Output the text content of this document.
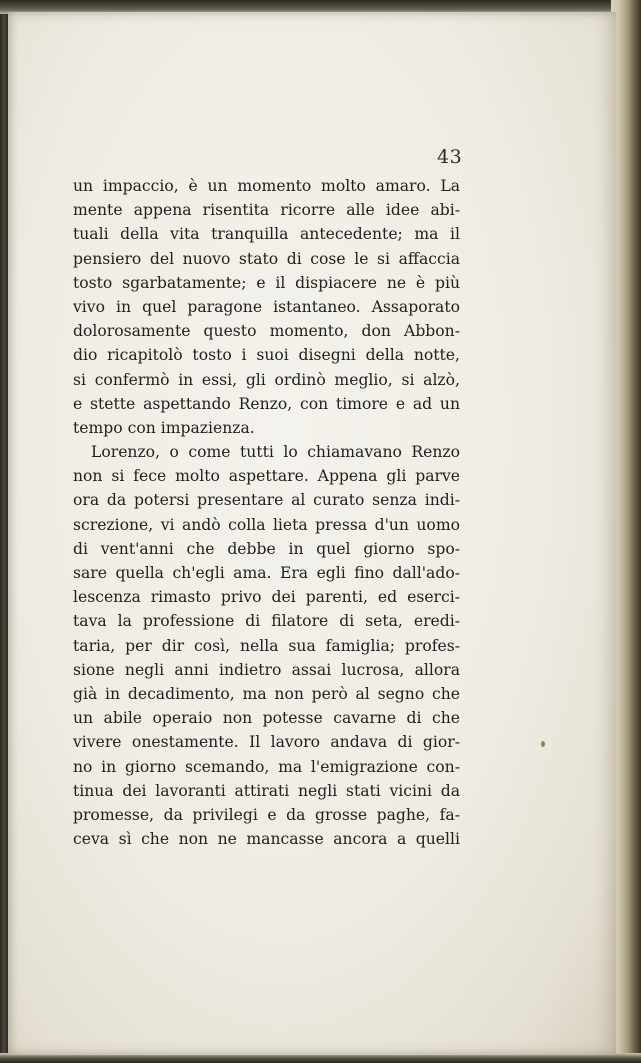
43
un impaccio, è un momento molto amaro. La
mente appena risentita ricorre alle idee abi-
tuali della vita tranquilla antecedente; ma il
pensiero del nuovo stato di cose le si affaccia
tosto sgarbatamente; e il dispiacere ne è più
vivo in quel paragone istantaneo. Assaporato
dolorosamente questo momento, don Abbon-
dio ricapitolò tosto i suoi disegni della notte,
si confermò in essi, gli ordinò meglio, si alzò,
e stette aspettando Renzo, con timore e ad un
tempo con impazienza.
Lorenzo, o come tutti lo chiamavano Renzo
non si fece molto aspettare. Appena gli parve
ora da potersi presentare al curato senza indi-
screzione, vi andò colla lieta pressa d'un uomo
di vent'anni che debbe in quel giorno spo-
sare quella ch'egli ama. Era egli fino dall'ado-
lescenza rimasto privo dei parenti, ed eserci-
tava la professione di filatore di seta, eredi-
taria, per dir così, nella sua famiglia; profes-
sione negli anni indietro assai lucrosa, allora
già in decadimento, ma non però al segno che
un abile operaio non potesse cavarne di che
vivere onestamente. Il lavoro andava di gior-
no in giorno scemando, ma l'emigrazione con-
tinua dei lavoranti attirati negli stati vicini da
promesse, da privilegi e da grosse paghe, fa-
ceva sì che non ne mancasse ancora a quelli
